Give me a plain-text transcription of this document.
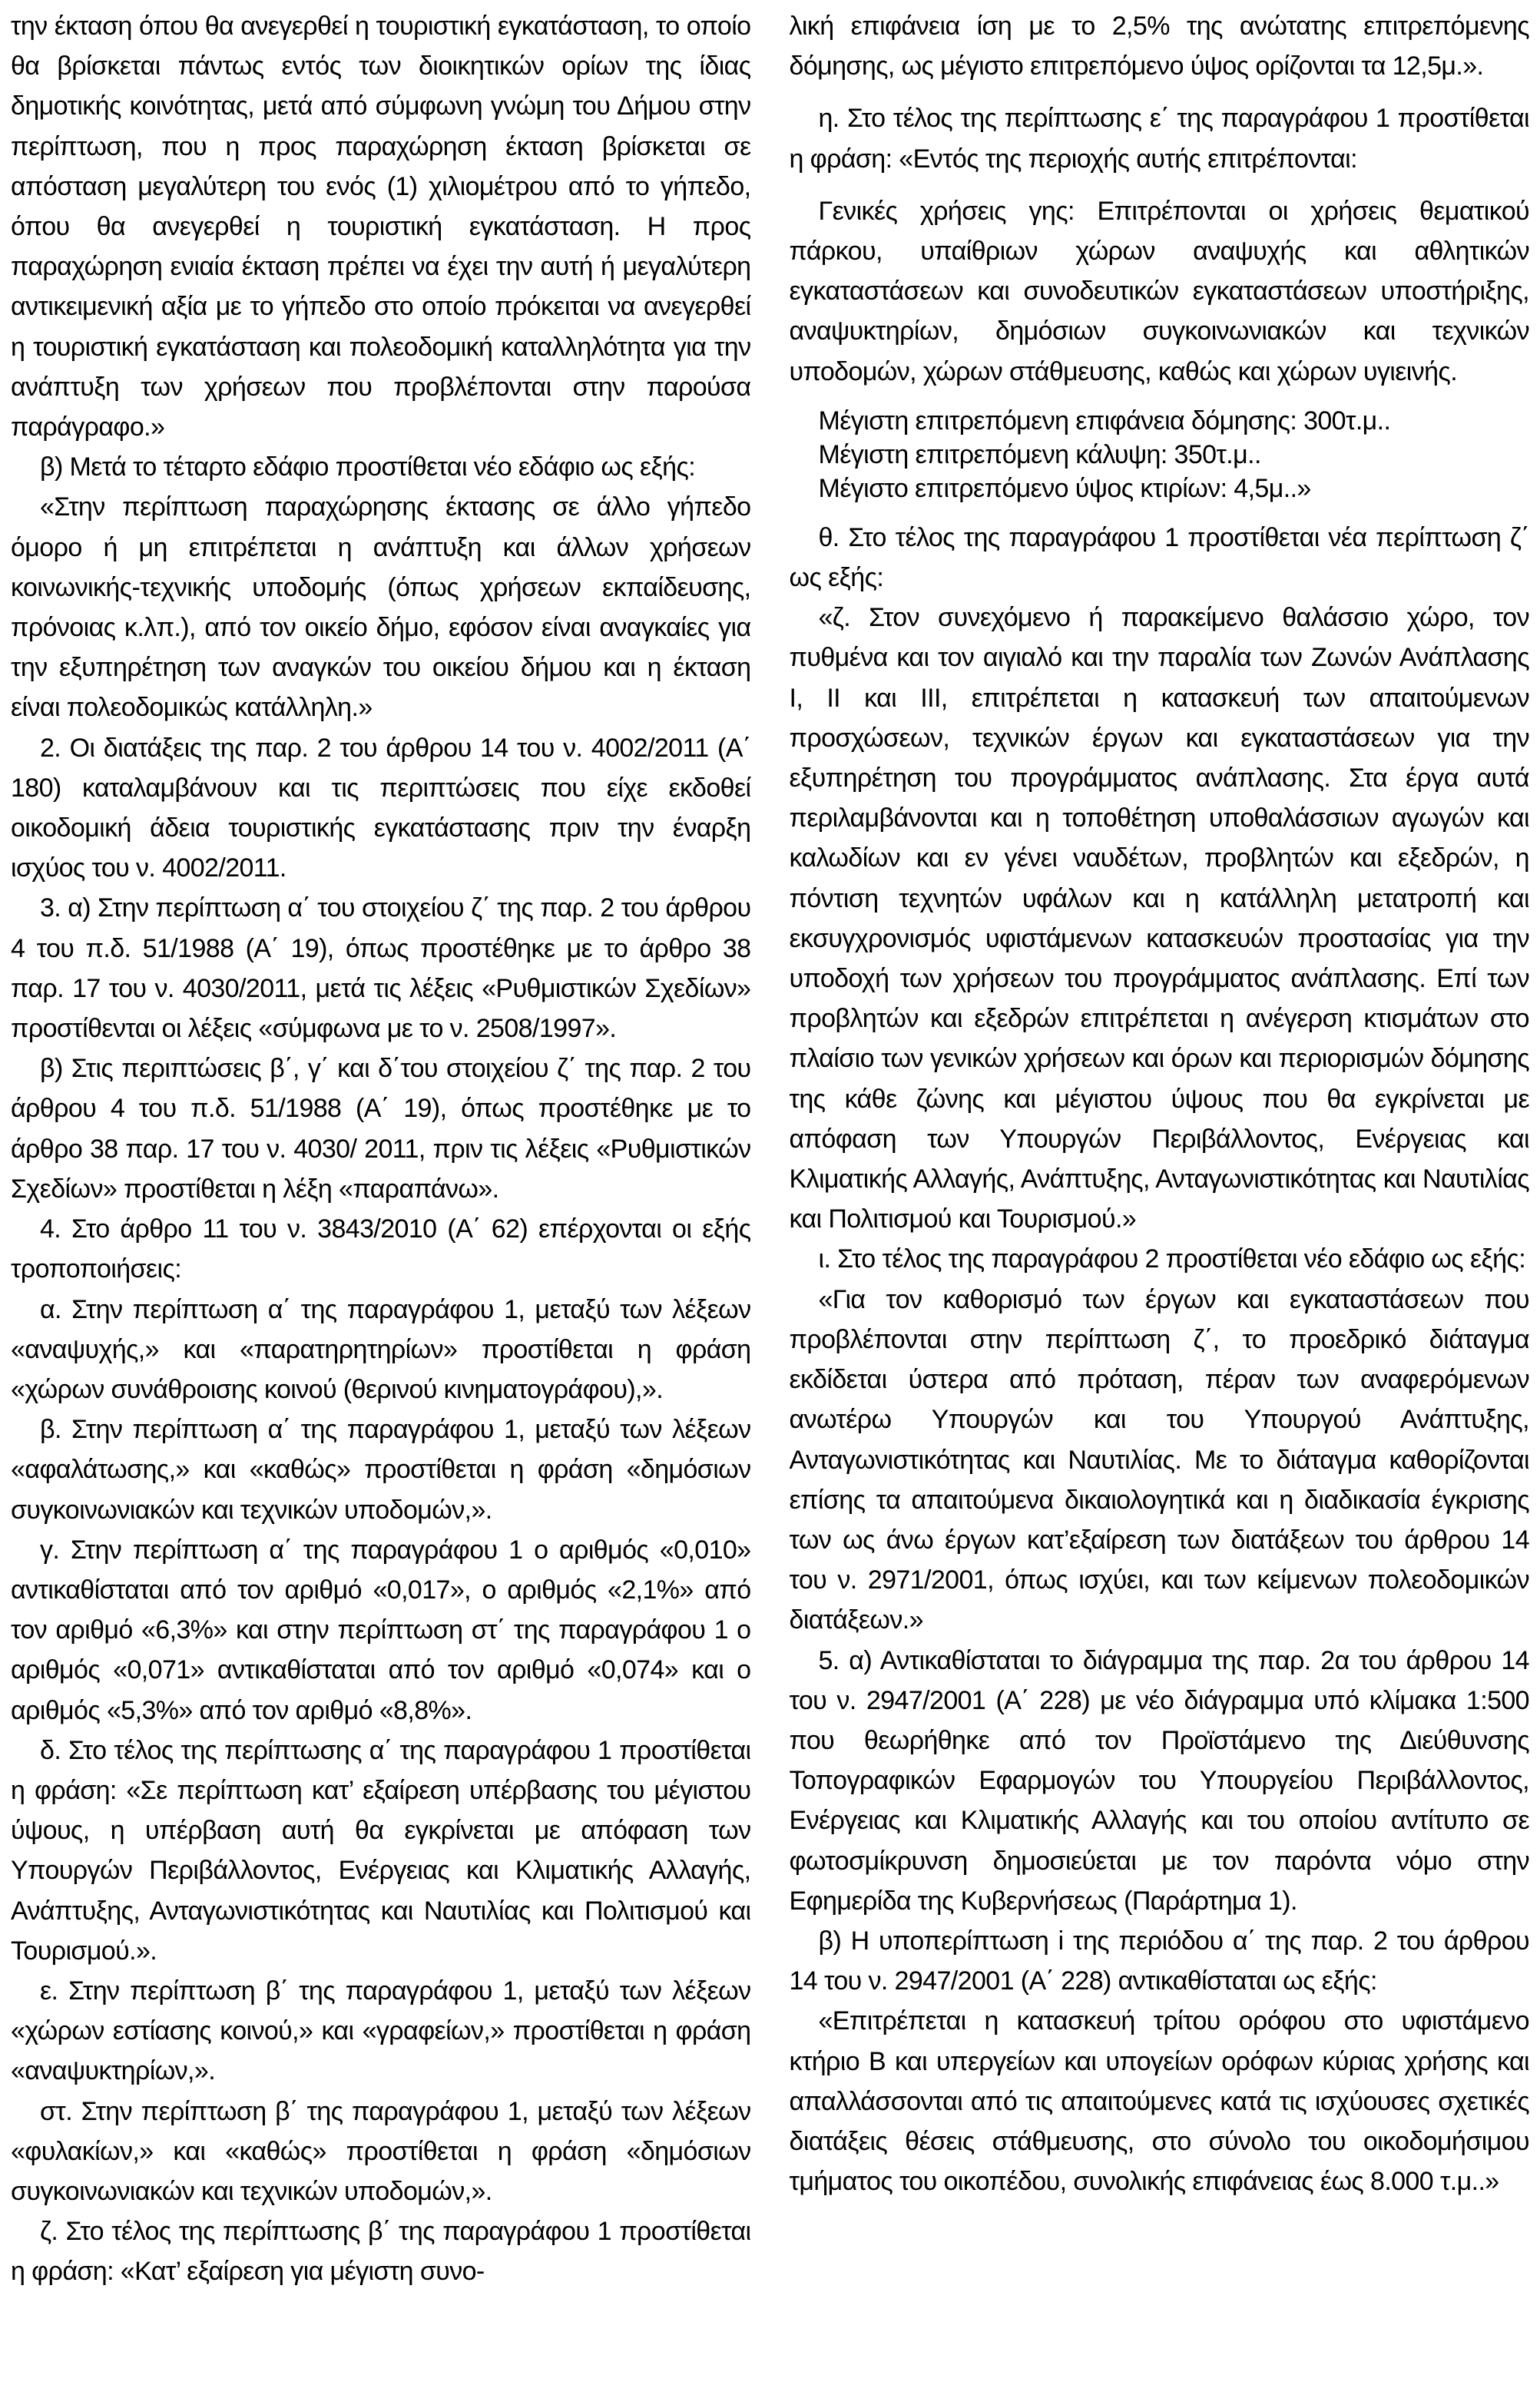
την έκταση όπου θα ανεγερθεί η τουριστική εγκατάσταση, το οποίο θα βρίσκεται πάντως εντός των διοικητικών ορίων της ίδιας δημοτικής κοινότητας, μετά από σύμφωνη γνώμη του Δήμου στην περίπτωση, που η προς παραχώρηση έκταση βρίσκεται σε απόσταση μεγαλύτερη του ενός (1) χιλιομέτρου από το γήπεδο, όπου θα ανεγερθεί η τουριστική εγκατάσταση. Η προς παραχώρηση ενιαία έκταση πρέπει να έχει την αυτή ή μεγαλύτερη αντικειμενική αξία με το γήπεδο στο οποίο πρόκειται να ανεγερθεί η τουριστική εγκατάσταση και πολεοδομική καταλληλότητα για την ανάπτυξη των χρήσεων που προβλέπονται στην παρούσα παράγραφο.»

β) Μετά το τέταρτο εδάφιο προστίθεται νέο εδάφιο ως εξής:

«Στην περίπτωση παραχώρησης έκτασης σε άλλο γήπεδο όμορο ή μη επιτρέπεται η ανάπτυξη και άλλων χρήσεων κοινωνικής-τεχνικής υποδομής (όπως χρήσεων εκπαίδευσης, πρόνοιας κ.λπ.), από τον οικείο δήμο, εφόσον είναι αναγκαίες για την εξυπηρέτηση των αναγκών του οικείου δήμου και η έκταση είναι πολεοδομικώς κατάλληλη.»

2. Οι διατάξεις της παρ. 2 του άρθρου 14 του ν. 4002/2011 (Α΄ 180) καταλαμβάνουν και τις περιπτώσεις που είχε εκδοθεί οικοδομική άδεια τουριστικής εγκατάστασης πριν την έναρξη ισχύος του ν. 4002/2011.

3. α) Στην περίπτωση α΄ του στοιχείου ζ΄ της παρ. 2 του άρθρου 4 του π.δ. 51/1988 (Α΄ 19), όπως προστέθηκε με το άρθρο 38 παρ. 17 του ν. 4030/2011, μετά τις λέξεις «Ρυθμιστικών Σχεδίων» προστίθενται οι λέξεις «σύμφωνα με το ν. 2508/1997».

β) Στις περιπτώσεις β΄, γ΄ και δ΄του στοιχείου ζ΄ της παρ. 2 του άρθρου 4 του π.δ. 51/1988 (Α΄ 19), όπως προστέθηκε με το άρθρο 38 παρ. 17 του ν. 4030/ 2011, πριν τις λέξεις «Ρυθμιστικών Σχεδίων» προστίθεται η λέξη «παραπάνω».

4. Στο άρθρο 11 του ν. 3843/2010 (Α΄ 62) επέρχονται οι εξής τροποποιήσεις:

α. Στην περίπτωση α΄ της παραγράφου 1, μεταξύ των λέξεων «αναψυχής,» και «παρατηρητηρίων» προστίθεται η φράση «χώρων συνάθροισης κοινού (θερινού κινηματογράφου),».

β. Στην περίπτωση α΄ της παραγράφου 1, μεταξύ των λέξεων «αφαλάτωσης,» και «καθώς» προστίθεται η φράση «δημόσιων συγκοινωνιακών και τεχνικών υποδομών,».

γ. Στην περίπτωση α΄ της παραγράφου 1 ο αριθμός «0,010» αντικαθίσταται από τον αριθμό «0,017», ο αριθμός «2,1%» από τον αριθμό «6,3%» και στην περίπτωση στ΄ της παραγράφου 1 ο αριθμός «0,071» αντικαθίσταται από τον αριθμό «0,074» και ο αριθμός «5,3%» από τον αριθμό «8,8%».

δ. Στο τέλος της περίπτωσης α΄ της παραγράφου 1 προστίθεται η φράση: «Σε περίπτωση κατ’ εξαίρεση υπέρβασης του μέγιστου ύψους, η υπέρβαση αυτή θα εγκρίνεται με απόφαση των Υπουργών Περιβάλλοντος, Ενέργειας και Κλιματικής Αλλαγής, Ανάπτυξης, Ανταγωνιστικότητας και Ναυτιλίας και Πολιτισμού και Τουρισμού.».

ε. Στην περίπτωση β΄ της παραγράφου 1, μεταξύ των λέξεων «χώρων εστίασης κοινού,» και «γραφείων,» προστίθεται η φράση «αναψυκτηρίων,».

στ. Στην περίπτωση β΄ της παραγράφου 1, μεταξύ των λέξεων «φυλακίων,» και «καθώς» προστίθεται η φράση «δημόσιων συγκοινωνιακών και τεχνικών υποδομών,».

ζ. Στο τέλος της περίπτωσης β΄ της παραγράφου 1 προστίθεται η φράση: «Κατ’ εξαίρεση για μέγιστη συνο-

λική επιφάνεια ίση με το 2,5% της ανώτατης επιτρεπόμενης δόμησης, ως μέγιστο επιτρεπόμενο ύψος ορίζονται τα 12,5μ.».

η. Στο τέλος της περίπτωσης ε΄ της παραγράφου 1 προστίθεται η φράση: «Εντός της περιοχής αυτής επιτρέπονται:

Γενικές χρήσεις γης: Επιτρέπονται οι χρήσεις θεματικού πάρκου, υπαίθριων χώρων αναψυχής και αθλητικών εγκαταστάσεων και συνοδευτικών εγκαταστάσεων υποστήριξης, αναψυκτηρίων, δημόσιων συγκοινωνιακών και τεχνικών υποδομών, χώρων στάθμευσης, καθώς και χώρων υγιεινής.

Μέγιστη επιτρεπόμενη επιφάνεια δόμησης: 300τ.μ..

Μέγιστη επιτρεπόμενη κάλυψη: 350τ.μ..

Μέγιστο επιτρεπόμενο ύψος κτιρίων: 4,5μ..»

θ. Στο τέλος της παραγράφου 1 προστίθεται νέα περίπτωση ζ΄ ως εξής:

«ζ. Στον συνεχόμενο ή παρακείμενο θαλάσσιο χώρο, τον πυθμένα και τον αιγιαλό και την παραλία των Ζωνών Ανάπλασης Ι, ΙΙ και ΙΙΙ, επιτρέπεται η κατασκευή των απαιτούμενων προσχώσεων, τεχνικών έργων και εγκαταστάσεων για την εξυπηρέτηση του προγράμματος ανάπλασης. Στα έργα αυτά περιλαμβάνονται και η τοποθέτηση υποθαλάσσιων αγωγών και καλωδίων και εν γένει ναυδέτων, προβλητών και εξεδρών, η πόντιση τεχνητών υφάλων και η κατάλληλη μετατροπή και εκσυγχρονισμός υφιστάμενων κατασκευών προστασίας για την υποδοχή των χρήσεων του προγράμματος ανάπλασης. Επί των προβλητών και εξεδρών επιτρέπεται η ανέγερση κτισμάτων στο πλαίσιο των γενικών χρήσεων και όρων και περιορισμών δόμησης της κάθε ζώνης και μέγιστου ύψους που θα εγκρίνεται με απόφαση των Υπουργών Περιβάλλοντος, Ενέργειας και Κλιματικής Αλλαγής, Ανάπτυξης, Ανταγωνιστικότητας και Ναυτιλίας και Πολιτισμού και Τουρισμού.»

ι. Στο τέλος της παραγράφου 2 προστίθεται νέο εδάφιο ως εξής:

«Για τον καθορισμό των έργων και εγκαταστάσεων που προβλέπονται στην περίπτωση ζ΄, το προεδρικό διάταγμα εκδίδεται ύστερα από πρόταση, πέραν των αναφερόμενων ανωτέρω Υπουργών και του Υπουργού Ανάπτυξης, Ανταγωνιστικότητας και Ναυτιλίας. Με το διάταγμα καθορίζονται επίσης τα απαιτούμενα δικαιολογητικά και η διαδικασία έγκρισης των ως άνω έργων κατ’εξαίρεση των διατάξεων του άρθρου 14 του ν. 2971/2001, όπως ισχύει, και των κείμενων πολεοδομικών διατάξεων.»

5. α) Αντικαθίσταται το διάγραμμα της παρ. 2α του άρθρου 14 του ν. 2947/2001 (Α΄ 228) με νέο διάγραμμα υπό κλίμακα 1:500 που θεωρήθηκε από τον Προϊστάμενο της Διεύθυνσης Τοπογραφικών Εφαρμογών του Υπουργείου Περιβάλλοντος, Ενέργειας και Κλιματικής Αλλαγής και του οποίου αντίτυπο σε φωτοσμίκρυνση δημοσιεύεται με τον παρόντα νόμο στην Εφημερίδα της Κυβερνήσεως (Παράρτημα 1).

β) Η υποπερίπτωση i της περιόδου α΄ της παρ. 2 του άρθρου 14 του ν. 2947/2001 (Α΄ 228) αντικαθίσταται ως εξής:

«Επιτρέπεται η κατασκευή τρίτου ορόφου στο υφιστάμενο κτήριο Β και υπεργείων και υπογείων ορόφων κύριας χρήσης και απαλλάσσονται από τις απαιτούμενες κατά τις ισχύουσες σχετικές διατάξεις θέσεις στάθμευσης, στο σύνολο του οικοδομήσιμου τμήματος του οικοπέδου, συνολικής επιφάνειας έως 8.000 τ.μ..»
